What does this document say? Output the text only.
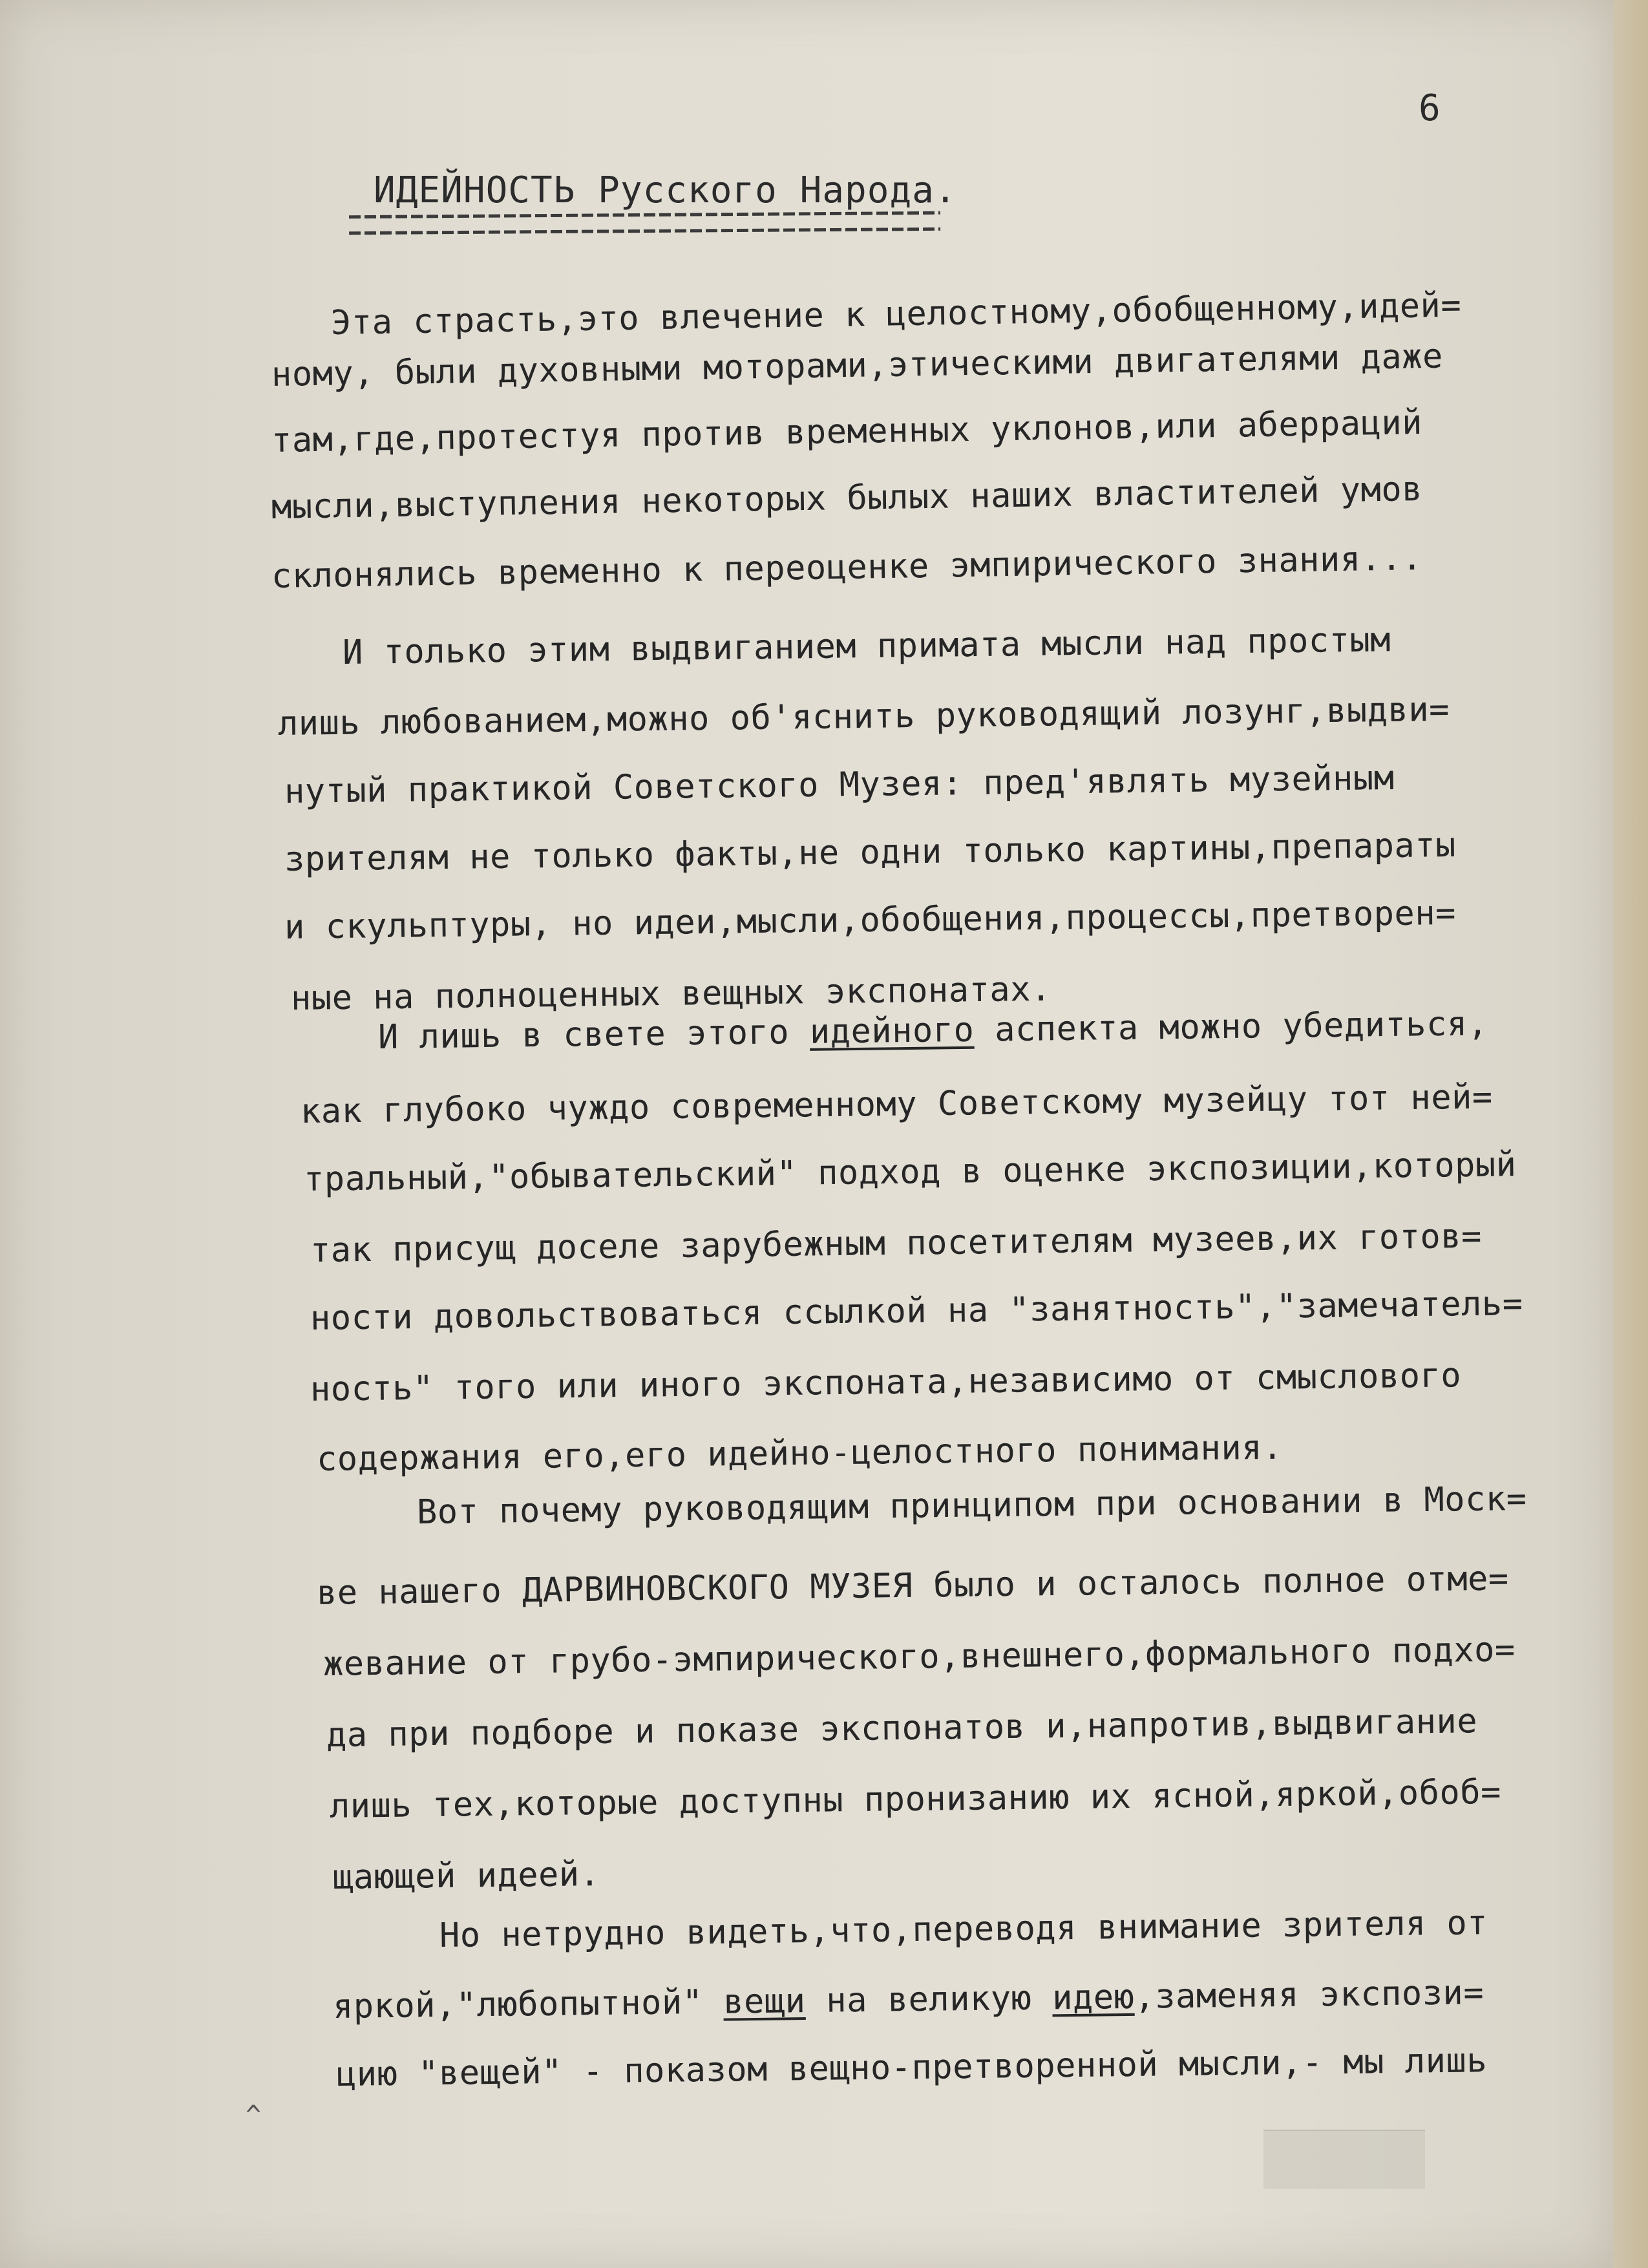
6
ИДЕЙНОСТЬ Русского Народа.
Эта страсть,это влечение к целостному,обобщенному,идей=
ному, были духовными моторами,этическими двигателями даже
там,где,протестуя против временных уклонов,или аберраций
мысли,выступления некоторых былых наших властителей умов
склонялись временно к переоценке эмпирического знания...
И только этим выдвиганием примата мысли над простым
лишь любованием,можно об'яснить руководящий лозунг,выдви=
нутый практикой Советского Музея: пред'являть музейным
зрителям не только факты,не одни только картины,препараты
и скульптуры, но идеи,мысли,обобщения,процессы,претворен=
ные на полноценных вещных экспонатах.
И лишь в свете этого идейного аспекта можно убедиться,
как глубоко чуждо современному Советскому музейцу тот ней=
тральный,"обывательский" подход в оценке экспозиции,который
так присущ доселе зарубежным посетителям музеев,их готов=
ности довольствоваться ссылкой на "занятность","замечатель=
ность" того или иного экспоната,независимо от смыслового
содержания его,его идейно-целостного понимания.
Вот почему руководящим принципом при основании в Моск=
ве нашего ДАРВИНОВСКОГО МУЗЕЯ было и осталось полное отме=
жевание от грубо-эмпирического,внешнего,формального подхо=
да при подборе и показе экспонатов и,напротив,выдвигание
лишь тех,которые доступны пронизанию их ясной,яркой,обоб=
щающей идеей.
Но нетрудно видеть,что,переводя внимание зрителя от
яркой,"любопытной" вещи на великую идею,заменяя экспози=
цию "вещей" - показом вещно-претворенной мысли,- мы лишь
^
